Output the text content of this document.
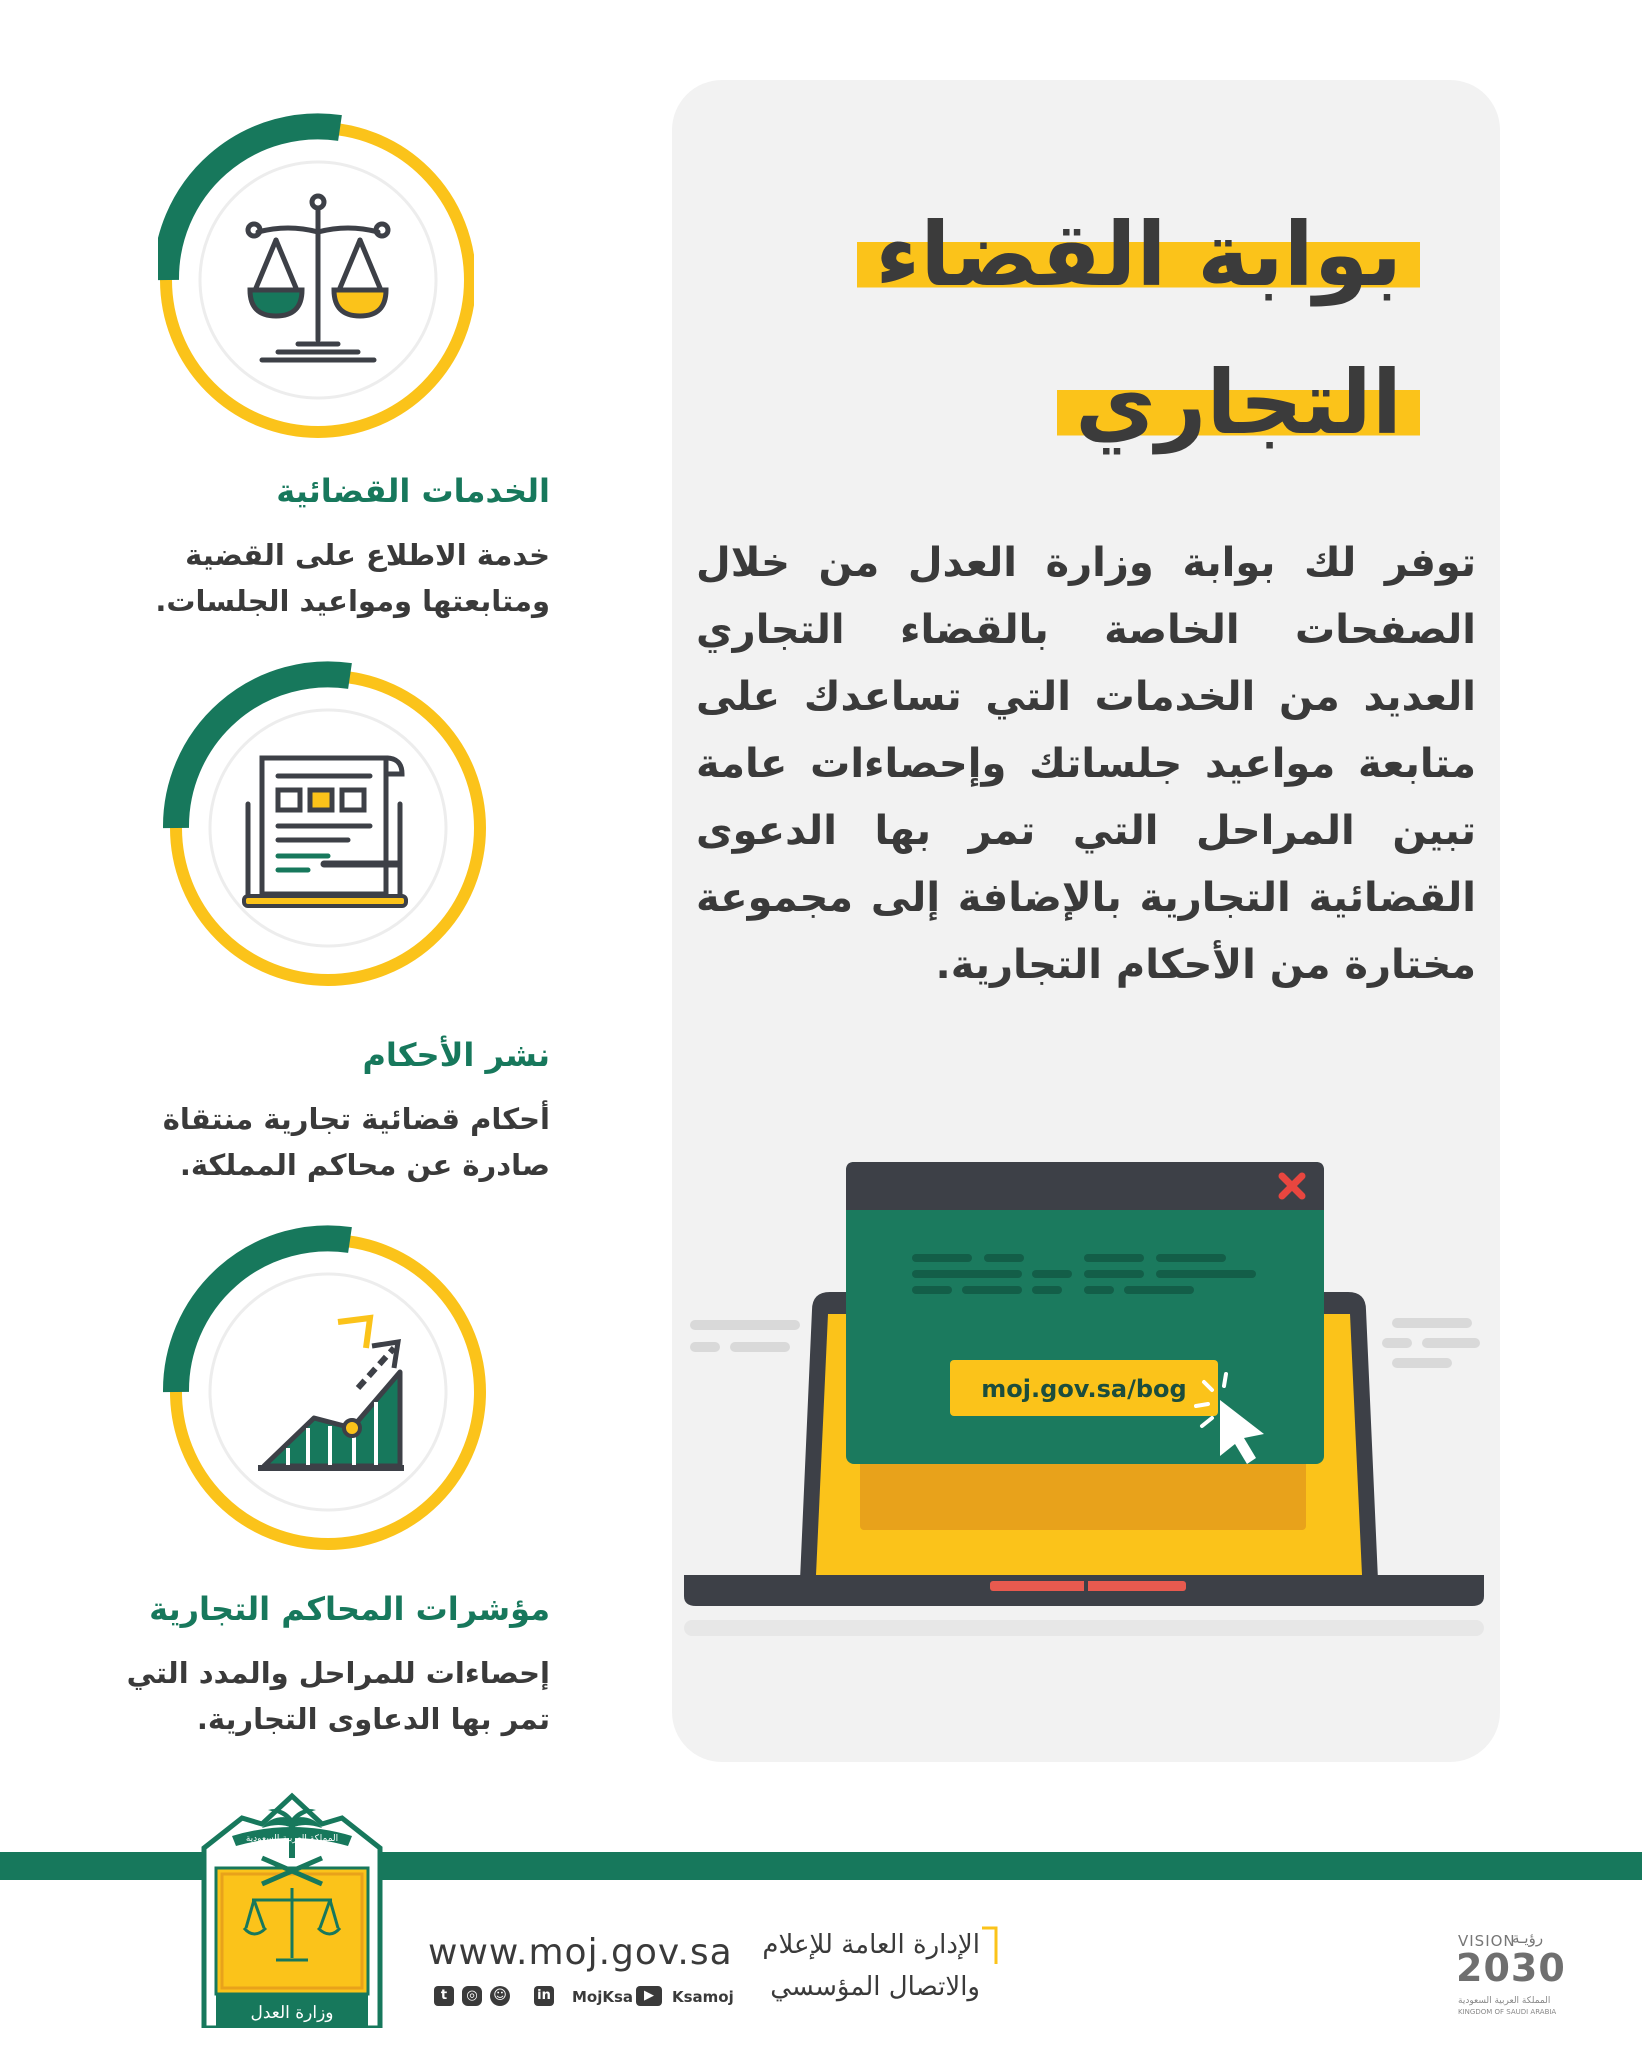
بوابة القضاء
التجاري
توفر لك بوابة وزارة العدل من خلال الصفحات الخاصة بالقضاء التجاري العديد من الخدمات التي تساعدك على متابعة مواعيد جلساتك وإحصاءات عامة تبين المراحل التي تمر بها الدعوى القضائية التجارية بالإضافة إلى مجموعة مختارة من الأحكام التجارية.
moj.gov.sa/bog
الخدمات القضائية
خدمة الاطلاع على القضية ومتابعتها ومواعيد الجلسات.
نشر الأحكام
أحكام قضائية تجارية منتقاة صادرة عن محاكم المملكة.
مؤشرات المحاكم التجارية
إحصاءات للمراحل والمدد التي تمر بها الدعاوى التجارية.
وزارة العدل
المملكة العربية السعودية
www.moj.gov.sa
t	◎	☺ in MojKsa ▶	Ksamoj
الإدارة العامة للإعلام
والاتصال المؤسسي
VISION
رؤيـة
2030
المملكة العربية السعودية
KINGDOM OF SAUDI ARABIA
